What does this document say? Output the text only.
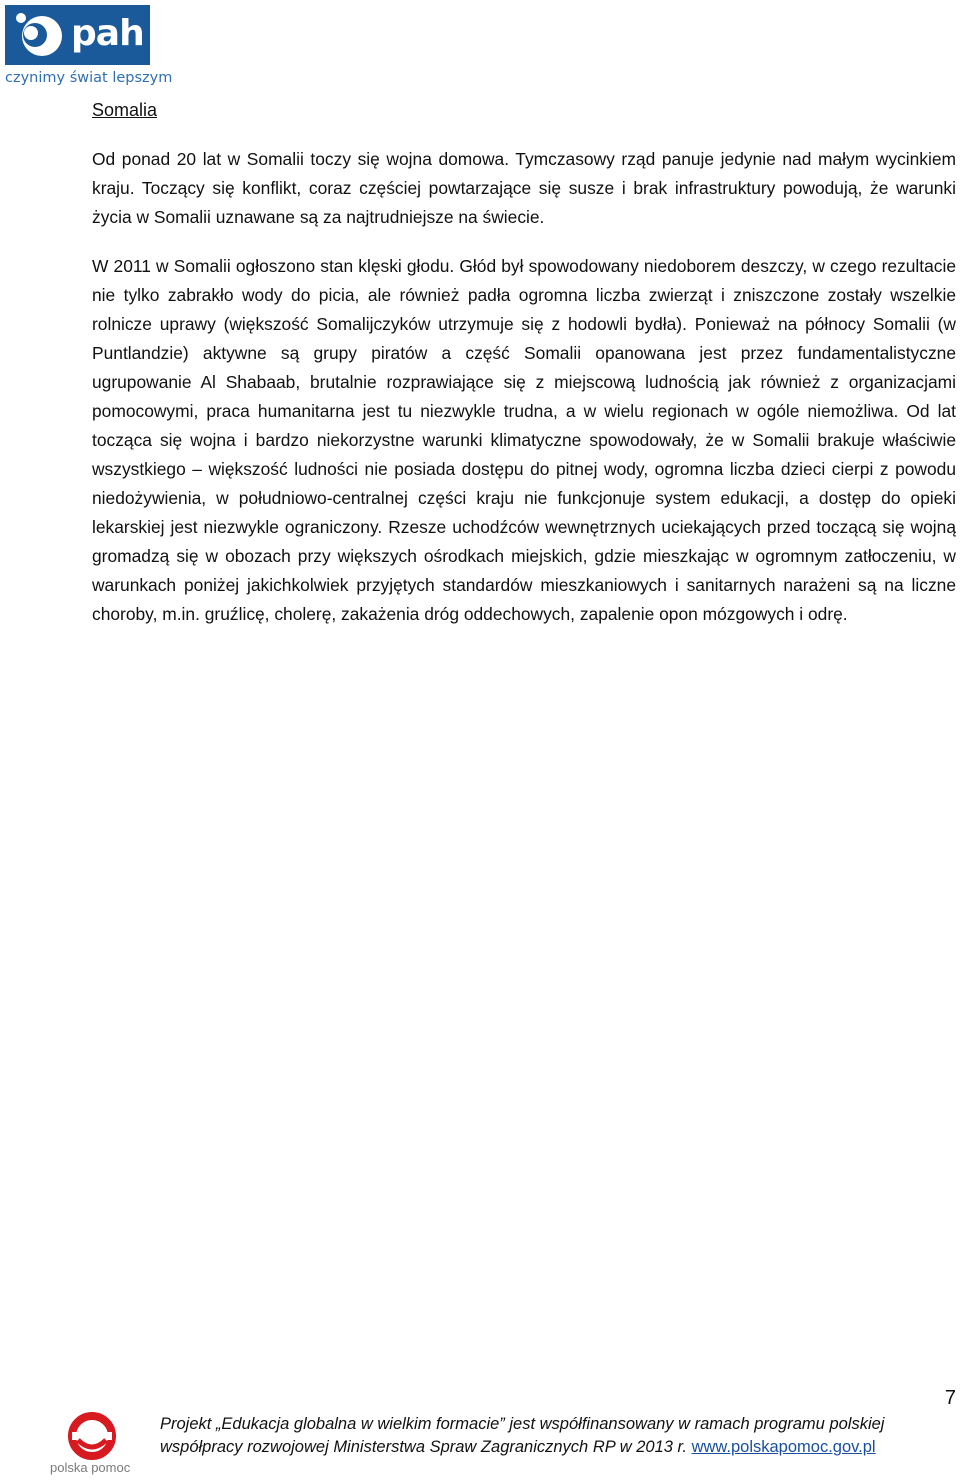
pah
czynimy świat lepszym
Somalia

Od ponad 20 lat w Somalii toczy się wojna domowa. Tymczasowy rząd panuje jedynie nad małym wycinkiem kraju. Toczący się konflikt, coraz częściej powtarzające się susze i brak infrastruktury powodują, że warunki życia w Somalii uznawane są za najtrudniejsze na świecie.

W 2011 w Somalii ogłoszono stan klęski głodu. Głód był spowodowany niedoborem deszczy, w czego rezultacie nie tylko zabrakło wody do picia, ale również padła ogromna liczba zwierząt i zniszczone zostały wszelkie rolnicze uprawy (większość Somalijczyków utrzymuje się z hodowli bydła). Ponieważ na północy Somalii (w Puntlandzie) aktywne są grupy piratów a część Somalii opanowana jest przez fundamentalistyczne ugrupowanie Al Shabaab, brutalnie rozprawiające się z miejscową ludnością jak również z organizacjami pomocowymi, praca humanitarna jest tu niezwykle trudna, a w wielu regionach w ogóle niemożliwa. Od lat tocząca się wojna i bardzo niekorzystne warunki klimatyczne spowodowały, że w Somalii brakuje właściwie wszystkiego – większość ludności nie posiada dostępu do pitnej wody, ogromna liczba dzieci cierpi z powodu niedożywienia, w południowo-centralnej części kraju nie funkcjonuje system edukacji, a dostęp do opieki lekarskiej jest niezwykle ograniczony. Rzesze uchodźców wewnętrznych uciekających przed toczącą się wojną gromadzą się w obozach przy większych ośrodkach miejskich, gdzie mieszkając w ogromnym zatłoczeniu, w warunkach poniżej jakichkolwiek przyjętych standardów mieszkaniowych i sanitarnych narażeni są na liczne choroby, m.in. gruźlicę, cholerę, zakażenia dróg oddechowych, zapalenie opon mózgowych i odrę.

7
polska pomoc
Projekt „Edukacja globalna w wielkim formacie” jest współfinansowany w ramach programu polskiej
współpracy rozwojowej Ministerstwa Spraw Zagranicznych RP w 2013 r. www.polskapomoc.gov.pl
